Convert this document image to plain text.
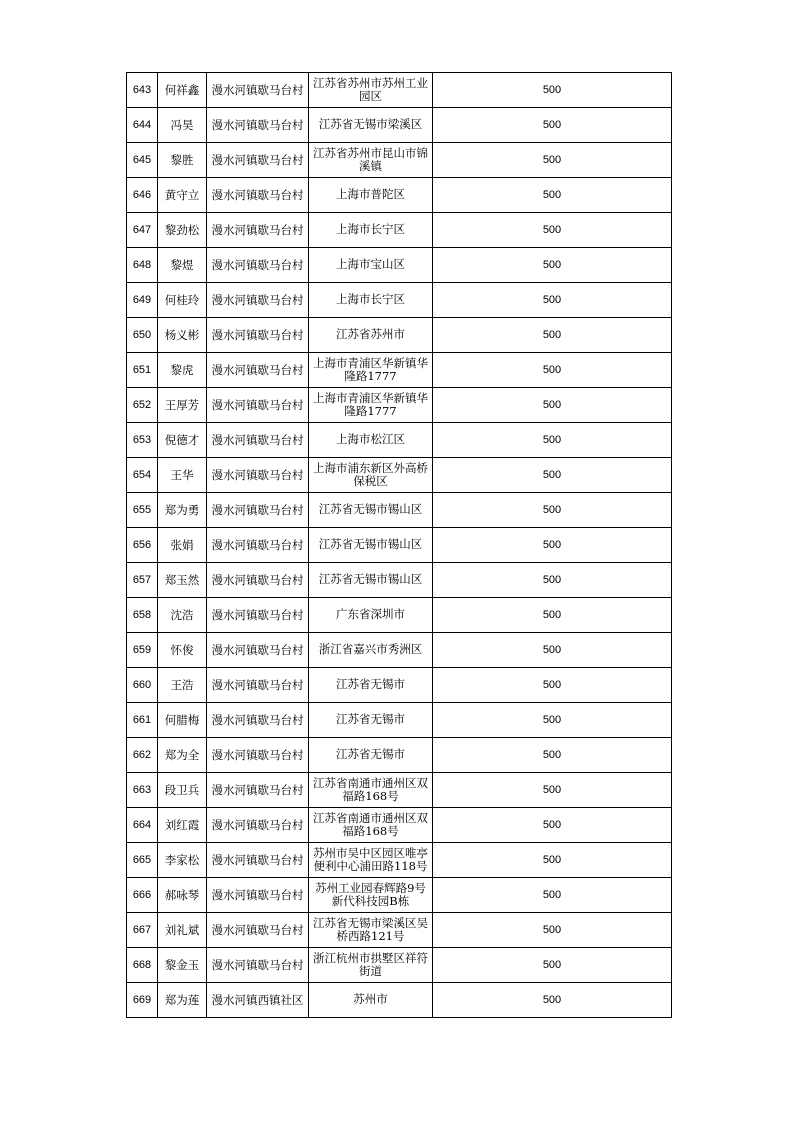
643	何祥鑫	漫水河镇歇马台村	江苏省苏州市苏州工业园区	500
644	冯昊	漫水河镇歇马台村	江苏省无锡市梁溪区	500
645	黎胜	漫水河镇歇马台村	江苏省苏州市昆山市锦溪镇	500
646	黄守立	漫水河镇歇马台村	上海市普陀区	500
647	黎劲松	漫水河镇歇马台村	上海市长宁区	500
648	黎煜	漫水河镇歇马台村	上海市宝山区	500
649	何桂玲	漫水河镇歇马台村	上海市长宁区	500
650	杨义彬	漫水河镇歇马台村	江苏省苏州市	500
651	黎虎	漫水河镇歇马台村	上海市青浦区华新镇华隆路1777	500
652	王厚芳	漫水河镇歇马台村	上海市青浦区华新镇华隆路1777	500
653	倪德才	漫水河镇歇马台村	上海市松江区	500
654	王华	漫水河镇歇马台村	上海市浦东新区外高桥保税区	500
655	郑为勇	漫水河镇歇马台村	江苏省无锡市锡山区	500
656	张娟	漫水河镇歇马台村	江苏省无锡市锡山区	500
657	郑玉然	漫水河镇歇马台村	江苏省无锡市锡山区	500
658	沈浩	漫水河镇歇马台村	广东省深圳市	500
659	怀俊	漫水河镇歇马台村	浙江省嘉兴市秀洲区	500
660	王浩	漫水河镇歇马台村	江苏省无锡市	500
661	何腊梅	漫水河镇歇马台村	江苏省无锡市	500
662	郑为全	漫水河镇歇马台村	江苏省无锡市	500
663	段卫兵	漫水河镇歇马台村	江苏省南通市通州区双福路168号	500
664	刘红霞	漫水河镇歇马台村	江苏省南通市通州区双福路168号	500
665	李家松	漫水河镇歇马台村	苏州市吴中区园区唯亭便利中心浦田路118号	500
666	郝咏琴	漫水河镇歇马台村	苏州工业园春辉路9号新代科技园B栋	500
667	刘礼斌	漫水河镇歇马台村	江苏省无锡市梁溪区吴桥西路121号	500
668	黎金玉	漫水河镇歇马台村	浙江杭州市拱墅区祥符街道	500
669	郑为莲	漫水河镇西镇社区	苏州市	500
